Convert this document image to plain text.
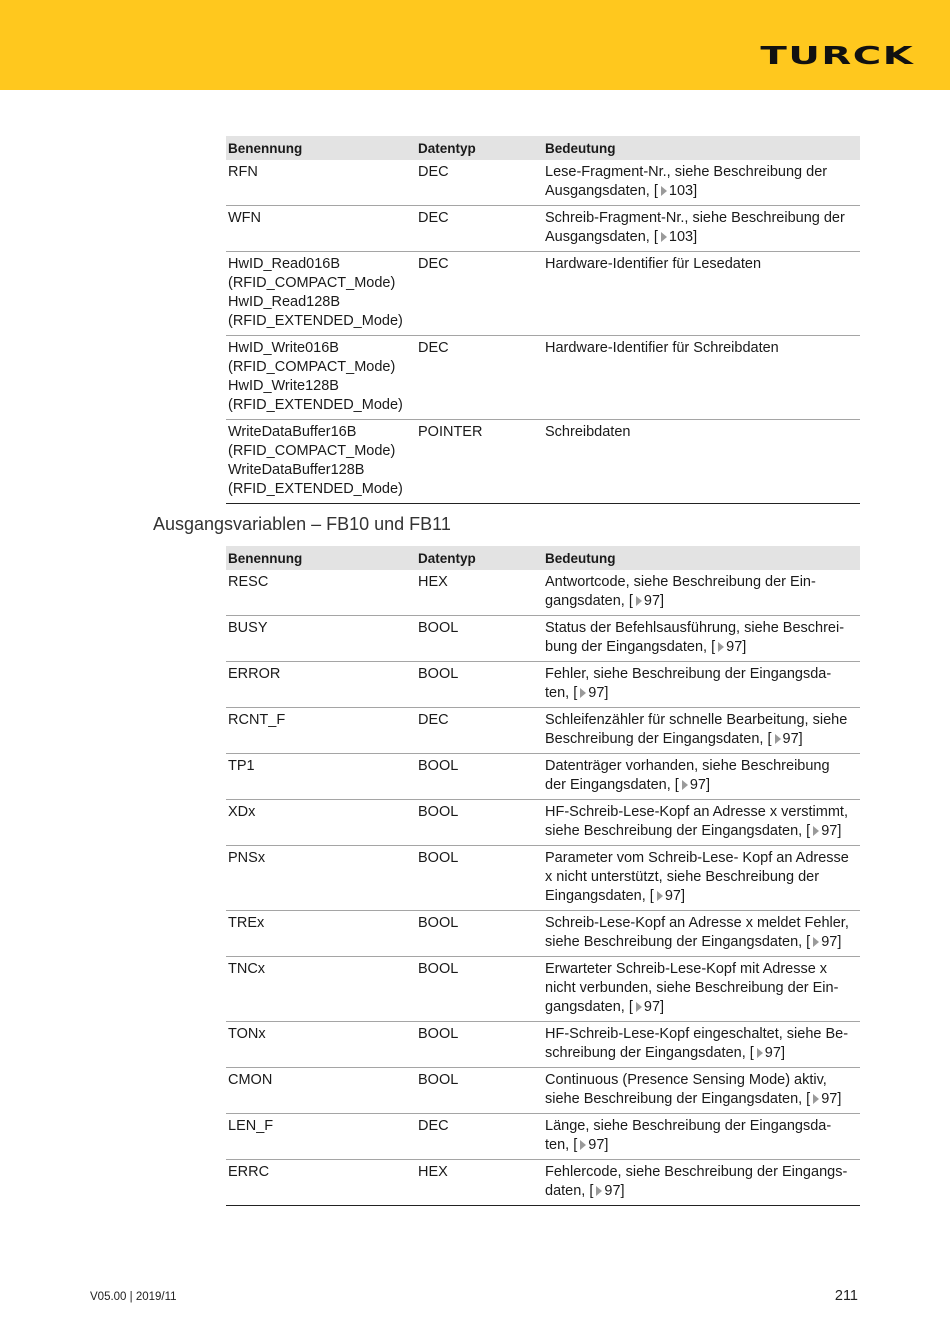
TURCK
Benennung	Datentyp	Bedeutung

RFN	DEC	Lese-Fragment-Nr., siehe Beschreibung der
Ausgangsdaten, [ 103]

WFN	DEC	Schreib-Fragment-Nr., siehe Beschreibung der
Ausgangsdaten, [ 103]

HwID_Read016B
(RFID_COMPACT_Mode)
HwID_Read128B
(RFID_EXTENDED_Mode)	DEC	Hardware-Identifier für Lesedaten

HwID_Write016B
(RFID_COMPACT_Mode)
HwID_Write128B
(RFID_EXTENDED_Mode)	DEC	Hardware-Identifier für Schreibdaten

WriteDataBuffer16B
(RFID_COMPACT_Mode)
WriteDataBuffer128B
(RFID_EXTENDED_Mode)	POINTER	Schreibdaten
Ausgangsvariablen – FB10 und FB11
Benennung	Datentyp	Bedeutung

RESC	HEX	Antwortcode, siehe Beschreibung der Ein-
gangsdaten, [ 97]

BUSY	BOOL	Status der Befehlsausführung, siehe Beschrei-
bung der Eingangsdaten, [ 97]

ERROR	BOOL	Fehler, siehe Beschreibung der Eingangsda-
ten, [ 97]

RCNT_F	DEC	Schleifenzähler für schnelle Bearbeitung, siehe
Beschreibung der Eingangsdaten, [ 97]

TP1	BOOL	Datenträger vorhanden, siehe Beschreibung
der Eingangsdaten, [ 97]

XDx	BOOL	HF-Schreib-Lese-Kopf an Adresse x verstimmt,
siehe Beschreibung der Eingangsdaten, [ 97]

PNSx	BOOL	Parameter vom Schreib-Lese- Kopf an Adresse
x nicht unterstützt, siehe Beschreibung der
Eingangsdaten, [ 97]

TREx	BOOL	Schreib-Lese-Kopf an Adresse x meldet Fehler,
siehe Beschreibung der Eingangsdaten, [ 97]

TNCx	BOOL	Erwarteter Schreib-Lese-Kopf mit Adresse x
nicht verbunden, siehe Beschreibung der Ein-
gangsdaten, [ 97]

TONx	BOOL	HF-Schreib-Lese-Kopf eingeschaltet, siehe Be-
schreibung der Eingangsdaten, [ 97]

CMON	BOOL	Continuous (Presence Sensing Mode) aktiv,
siehe Beschreibung der Eingangsdaten, [ 97]

LEN_F	DEC	Länge, siehe Beschreibung der Eingangsda-
ten, [ 97]

ERRC	HEX	Fehlercode, siehe Beschreibung der Eingangs-
daten, [ 97]
V05.00 | 2019/11	211
